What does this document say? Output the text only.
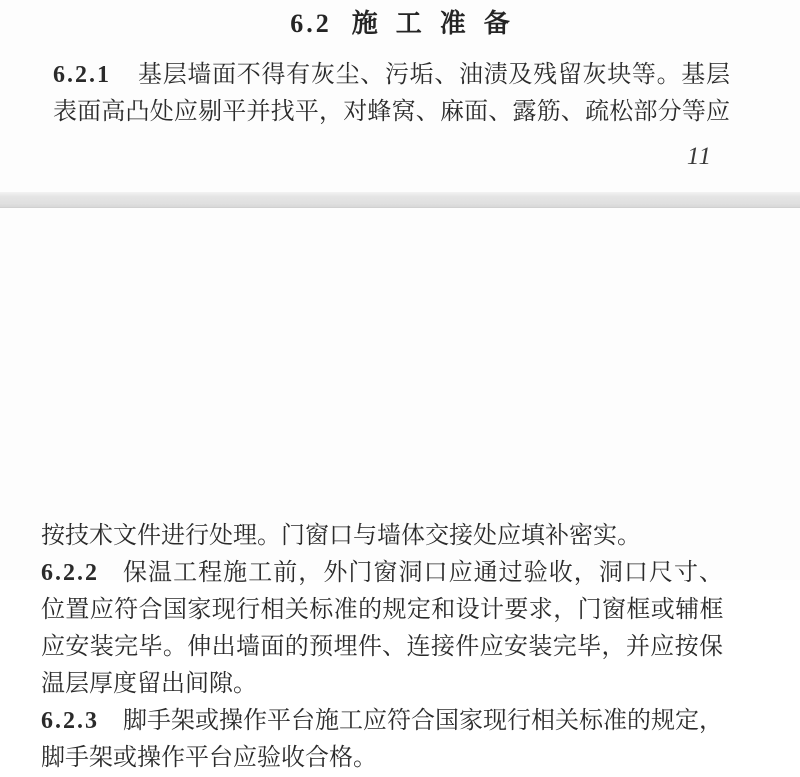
6.2 施工准备
6.2.1 基层墙面不得有灰尘、污垢、油渍及残留灰块等。基层
表面高凸处应剔平并找平，对蜂窝、麻面、露筋、疏松部分等应
11
按技术文件进行处理。门窗口与墙体交接处应填补密实。
6.2.2 保温工程施工前，外门窗洞口应通过验收，洞口尺寸、
位置应符合国家现行相关标准的规定和设计要求，门窗框或辅框
应安装完毕。伸出墙面的预埋件、连接件应安装完毕，并应按保
温层厚度留出间隙。
6.2.3 脚手架或操作平台施工应符合国家现行相关标准的规定，
脚手架或操作平台应验收合格。
